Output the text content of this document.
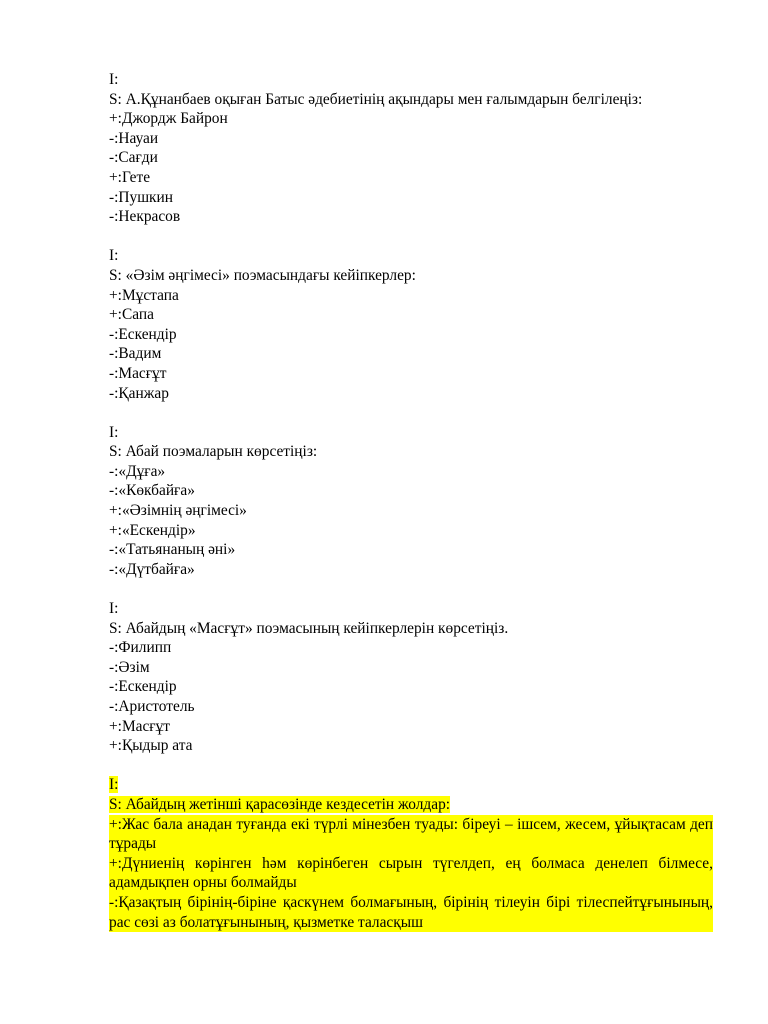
I:
S: А.Құнанбаев оқыған Батыс әдебиетінің ақындары мен ғалымдарын белгілеңіз:
+:Джордж Байрон
-:Науаи
-:Сағди
+:Гете
-:Пушкин
-:Некрасов
I:
S: «Әзім әңгімесі» поэмасындағы кейіпкерлер:
+:Мұстапа
+:Сапа
-:Ескендір
-:Вадим
-:Масғұт
-:Қанжар
I:
S: Абай поэмаларын көрсетіңіз:
-:«Дұға»
-:«Көкбайға»
+:«Әзімнің әңгімесі»
+:«Ескендір»
-:«Татьянаның әні»
-:«Дүтбайға»
I:
S: Абайдың «Масғұт» поэмасының кейіпкерлерін көрсетіңіз.
-:Филипп
-:Әзім
-:Ескендір
-:Аристотель
+:Масғұт
+:Қыдыр ата
I:
S: Абайдың жетінші қарасөзінде кездесетін жолдар:
+:Жас бала анадан туғанда екі түрлі мінезбен туады: біреуі – ішсем, жесем, ұйықтасам деп тұрады
+:Дүниенің көрінген һәм көрінбеген сырын түгелдеп, ең болмаса денелеп білмесе, адамдықпен орны болмайды
-:Қазақтың бірінің-біріне қаскүнем болмағының, бірінің тілеуін бірі тілеспейтұғынының, рас сөзі аз болатұғынының, қызметке таласқыш
